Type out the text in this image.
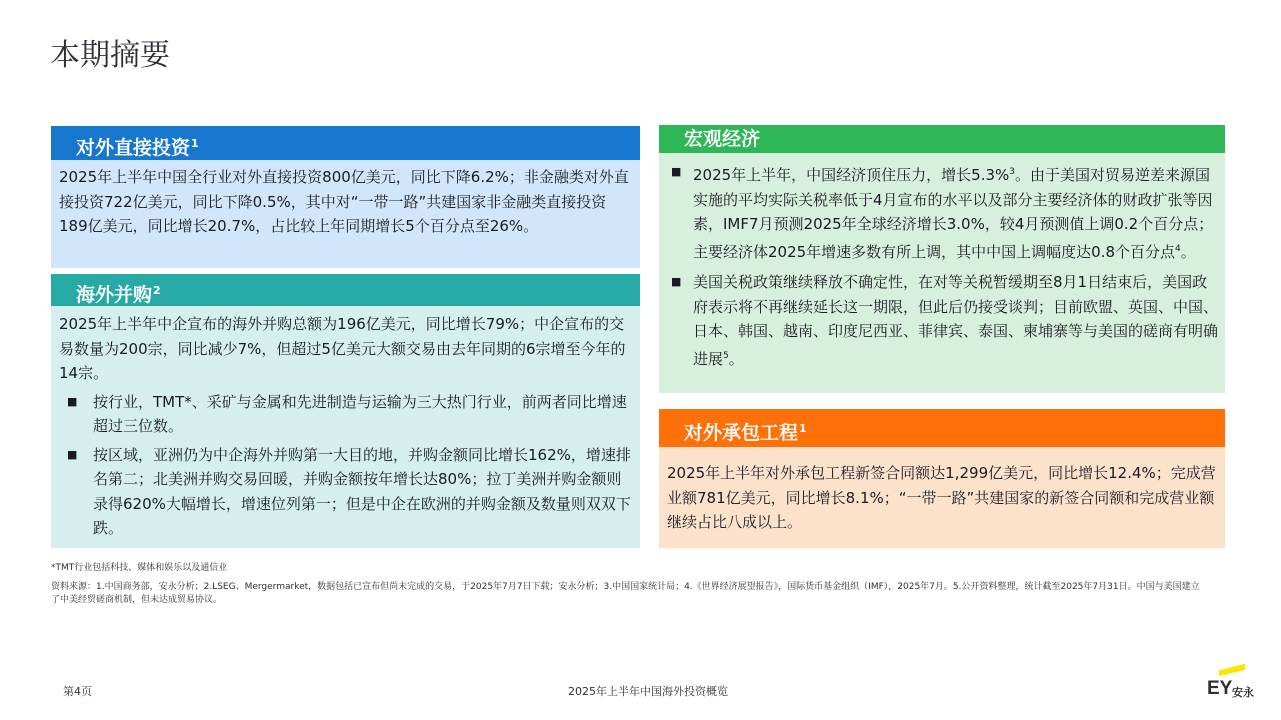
本期摘要
对外直接投资$^1$

2025年上半年中国全行业对外直接投资800亿美元，同比下降6.2%；非金融类对外直接投资722亿美元，同比下降0.5%，其中对“一带一路”共建国家非金融类直接投资189亿美元，同比增长20.7%，占比较上年同期增长5个百分点至26%。

海外并购$^2$

2025年上半年中企宣布的海外并购总额为196亿美元，同比增长79%；中企宣布的交易数量为200宗，同比减少7%，但超过5亿美元大额交易由去年同期的6宗增至今年的14宗。

■ 按行业，TMT*、采矿与金属和先进制造与运输为三大热门行业，前两者同比增速超过三位数。
■ 按区域，亚洲仍为中企海外并购第一大目的地，并购金额同比增长162%，增速排名第二；北美洲并购交易回暖，并购金额按年增长达80%；拉丁美洲并购金额则录得620%大幅增长，增速位列第一；但是中企在欧洲的并购金额及数量则双双下跌。
宏观经济
■ 2025年上半年，中国经济顶住压力，增长5.3%$^3$。由于美国对贸易逆差来源国实施的平均实际关税率低于4月宣布的水平以及部分主要经济体的财政扩张等因素，IMF7月预测2025年全球经济增长3.0%，较4月预测值上调0.2个百分点；主要经济体2025年增速多数有所上调，其中中国上调幅度达0.8个百分点$^4$。
■ 美国关税政策继续释放不确定性，在对等关税暂缓期至8月1日结束后，美国政府表示将不再继续延长这一期限，但此后仍接受谈判；目前欧盟、英国、中国、日本、韩国、越南、印度尼西亚、菲律宾、泰国、柬埔寨等与美国的磋商有明确进展$^5$。
对外承包工程$^1$

2025年上半年对外承包工程新签合同额达1,299亿美元，同比增长12.4%；完成营业额781亿美元，同比增长8.1%；“一带一路”共建国家的新签合同额和完成营业额继续占比八成以上。

*TMT行业包括科技、媒体和娱乐以及通信业
资料来源：1.中国商务部，安永分析；2.LSEG、Mergermarket，数据包括已宣布但尚未完成的交易，于2025年7月7日下载；安永分析；3.中国国家统计局；4.《世界经济展望报告》，国际货币基金组织（IMF），2025年7月。5.公开资料整理，统计截至2025年7月31日。中国与美国建立了中美经贸磋商机制，但未达成贸易协议。
第4页	2025年上半年中国海外投资概览	EY 安永
